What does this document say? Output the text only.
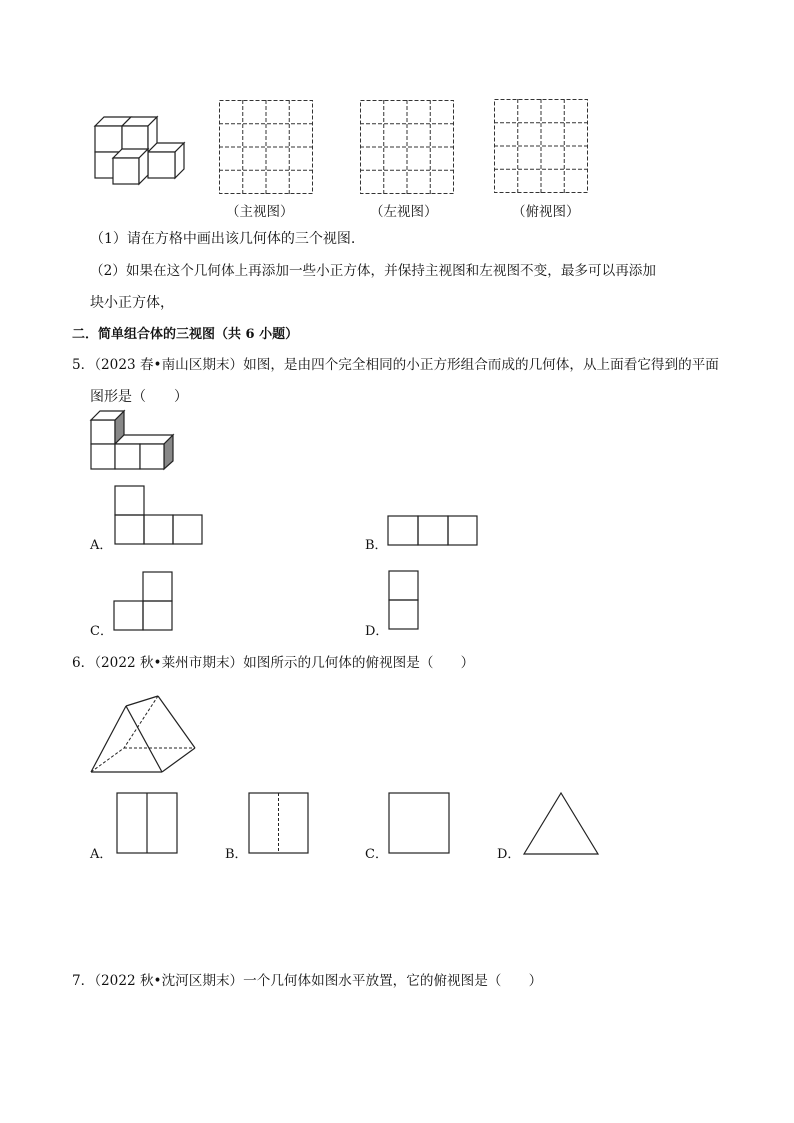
（主视图）	（左视图）	（俯视图）
（1）请在方格中画出该几何体的三个视图.
（2）如果在这个几何体上再添加一些小正方体，并保持主视图和左视图不变，最多可以再添加
块小正方体，
二．简单组合体的三视图（共 6 小题）
5．（2023 春•南山区期末）如图，是由四个完全相同的小正方形组合而成的几何体，从上面看它得到的平面
图形是（　　）
A．	B．
C．	D．
6．（2022 秋•莱州市期末）如图所示的几何体的俯视图是（　　）
A．	B．	C．	D．
7．（2022 秋•沈河区期末）一个几何体如图水平放置，它的俯视图是（　　）
